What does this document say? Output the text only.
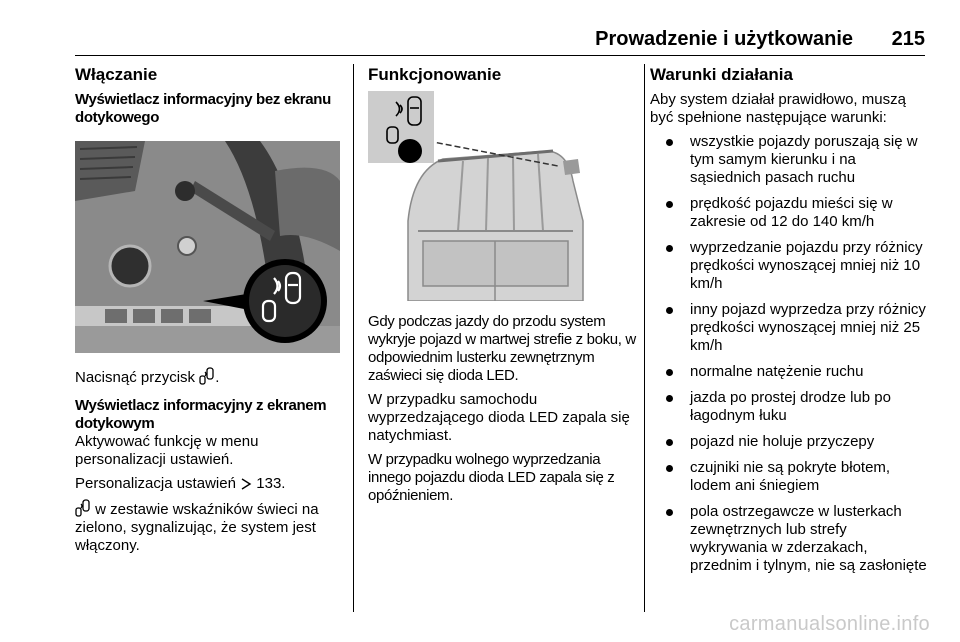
Prowadzenie i użytkowanie 215
Włączanie
Wyświetlacz informacyjny bez ekranu dotykowego

Nacisnąć przycisk .

Wyświetlacz informacyjny z ekranem dotykowym

Aktywować funkcję w menu personalizacji ustawień.

Personalizacja ustawień 133.

w zestawie wskaźników świeci na zielono, sygnalizując, że system jest włączony.

Funkcjonowanie

Gdy podczas jazdy do przodu system wykryje pojazd w martwej strefie z boku, w odpowiednim lusterku zewnętrznym zaświeci się dioda LED.

W przypadku samochodu wyprzedzającego dioda LED zapala się natychmiast.

W przypadku wolnego wyprzedzania innego pojazdu dioda LED zapala się z opóźnieniem.

Warunki działania

Aby system działał prawidłowo, muszą być spełnione następujące warunki:

wszystkie pojazdy poruszają się w tym samym kierunku i na sąsiednich pasach ruchu
prędkość pojazdu mieści się w zakresie od 12 do 140 km/h
wyprzedzanie pojazdu przy różnicy prędkości wynoszącej mniej niż 10 km/h
inny pojazd wyprzedza przy różnicy prędkości wynoszącej mniej niż 25 km/h
normalne natężenie ruchu
jazda po prostej drodze lub po łagodnym łuku
pojazd nie holuje przyczepy
czujniki nie są pokryte błotem, lodem ani śniegiem
pola ostrzegawcze w lusterkach zewnętrznych lub strefy wykrywania w zderzakach, przednim i tylnym, nie są zasłonięte
carmanualsonline.info
